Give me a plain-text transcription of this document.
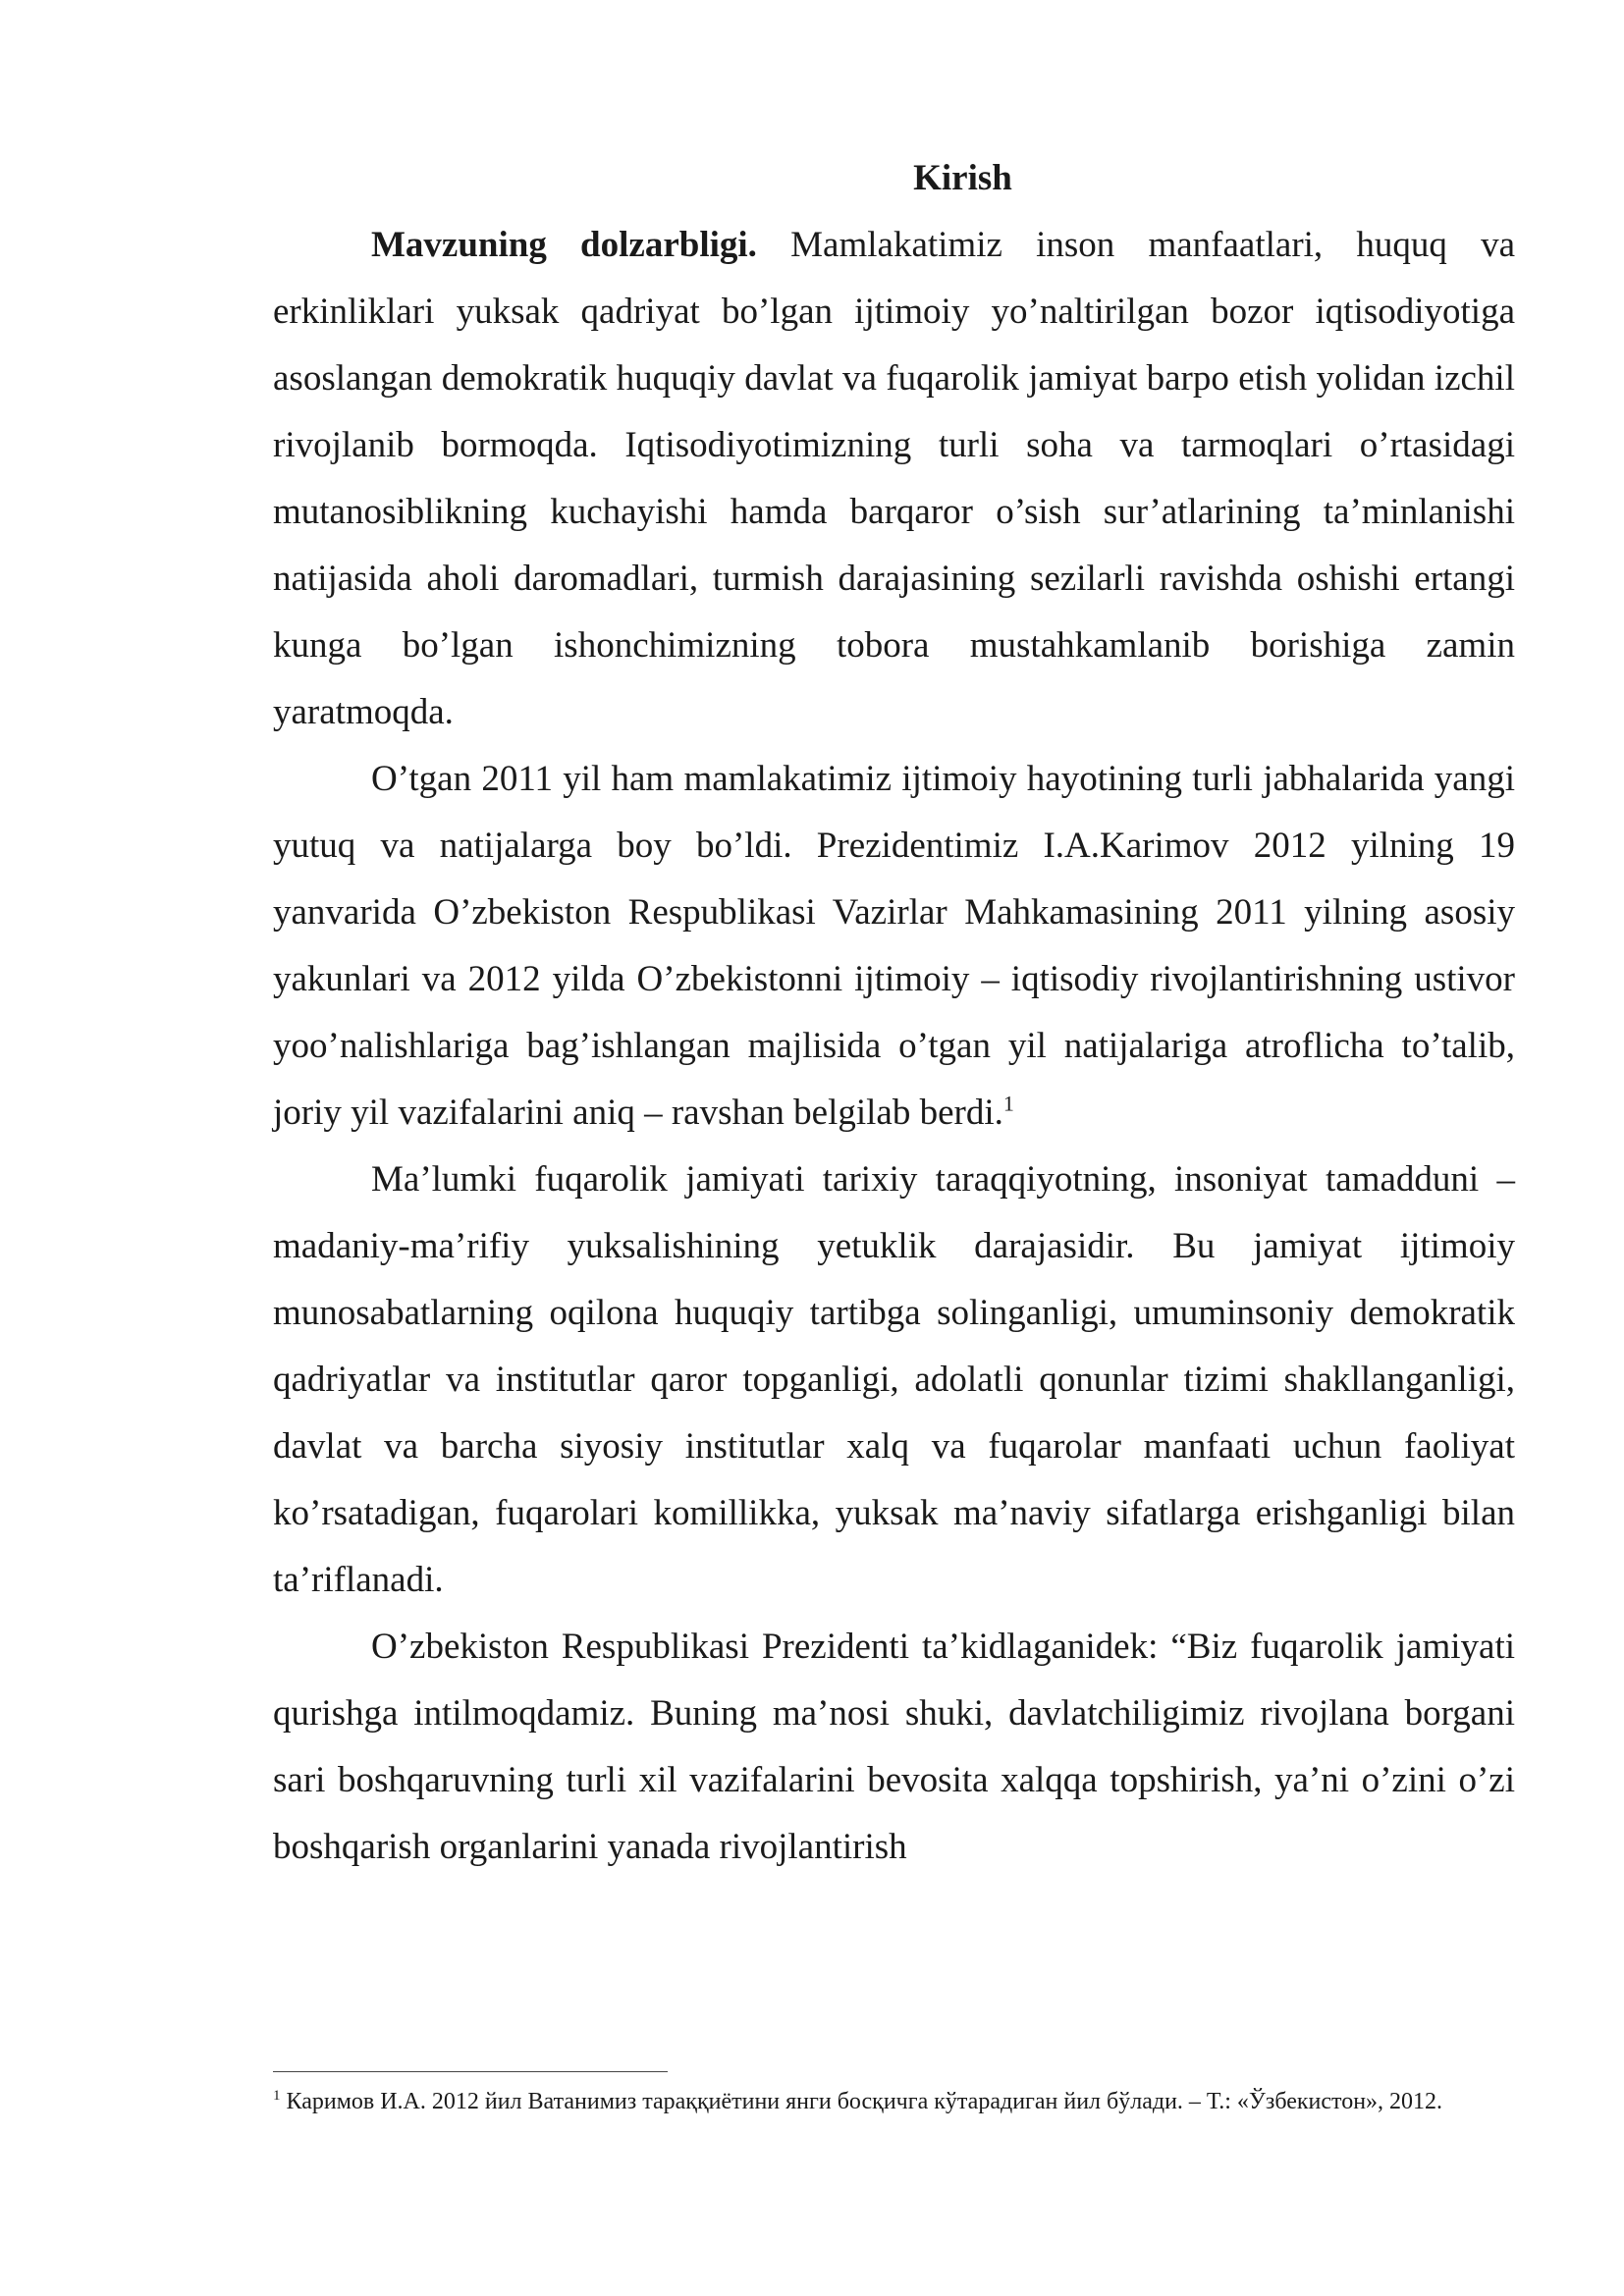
Kirish

Mavzuning dolzarbligi. Mamlakatimiz inson manfaatlari, huquq va erkinliklari yuksak qadriyat bo’lgan ijtimoiy yo’naltirilgan bozor iqtisodiyotiga asoslangan demokratik huquqiy davlat va fuqarolik jamiyat barpo etish yolidan izchil rivojlanib bormoqda. Iqtisodiyotimizning turli soha va tarmoqlari o’rtasidagi mutanosiblikning kuchayishi hamda barqaror o’sish sur’atlarining ta’minlanishi natijasida aholi daromadlari, turmish darajasining sezilarli ravishda oshishi ertangi kunga bo’lgan ishonchimizning tobora mustahkamlanib borishiga zamin yaratmoqda.

O’tgan 2011 yil ham mamlakatimiz ijtimoiy hayotining turli jabhalarida yangi yutuq va natijalarga boy bo’ldi. Prezidentimiz I.A.Karimov 2012 yilning 19 yanvarida O’zbekiston Respublikasi Vazirlar Mahkamasining 2011 yilning asosiy yakunlari va 2012 yilda O’zbekistonni ijtimoiy – iqtisodiy rivojlantirishning ustivor yoo’nalishlariga bag’ishlangan majlisida o’tgan yil natijalariga atroflicha to’talib, joriy yil vazifalarini aniq – ravshan belgilab berdi.$^1$

Ma’lumki fuqarolik jamiyati tarixiy taraqqiyotning, insoniyat tamadduni – madaniy-ma’rifiy yuksalishining yetuklik darajasidir. Bu jamiyat ijtimoiy munosabatlarning oqilona huquqiy tartibga solinganligi, umuminsoniy demokratik qadriyatlar va institutlar qaror topganligi, adolatli qonunlar tizimi shakllanganligi, davlat va barcha siyosiy institutlar xalq va fuqarolar manfaati uchun faoliyat ko’rsatadigan, fuqarolari komillikka, yuksak ma’naviy sifatlarga erishganligi bilan ta’riflanadi.

O’zbekiston Respublikasi Prezidenti ta’kidlaganidek: “Biz fuqarolik jamiyati qurishga intilmoqdamiz. Buning ma’nosi shuki, davlatchiligimiz rivojlana borgani sari boshqaruvning turli xil vazifalarini bevosita xalqqa topshirish, ya’ni o’zini o’zi boshqarish organlarini yanada rivojlantirish

$^1$ Каримов И.А. 2012 йил Ватанимиз тараққиётини янги босқичга кўтарадиган йил бўлади. – Т.: «Ўзбекистон», 2012.
